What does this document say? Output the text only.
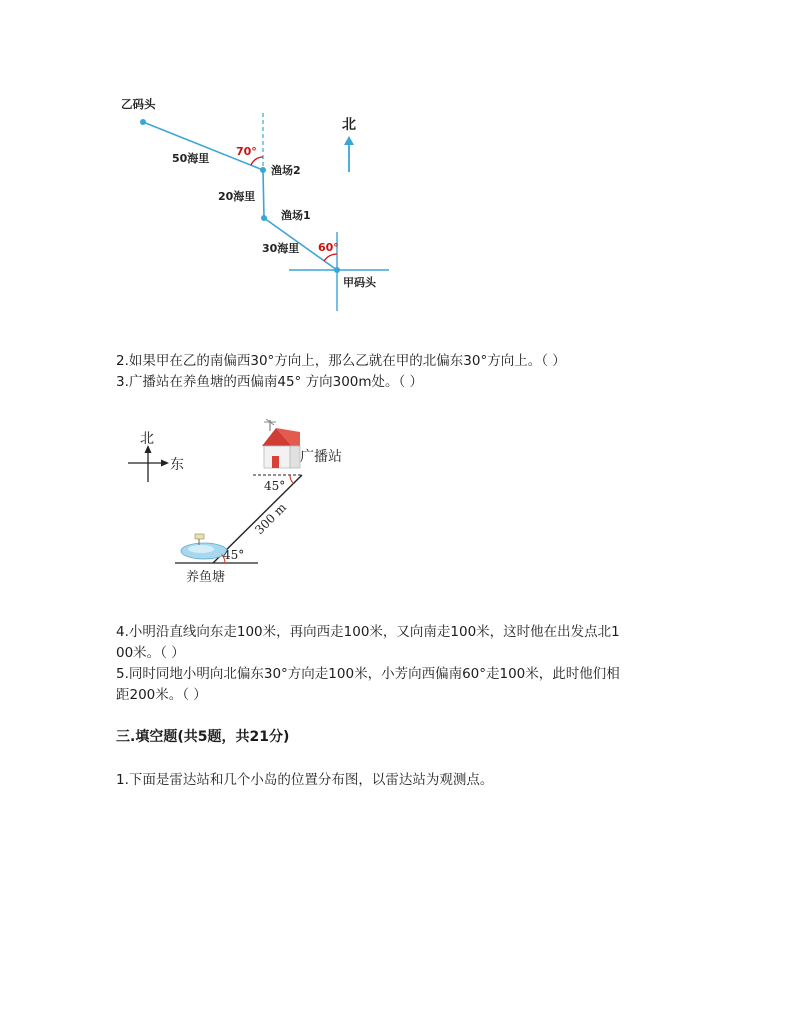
乙码头
北
70°
50海里
渔场2
20海里
渔场1
30海里 60°
甲码头

2.如果甲在乙的南偏西30°方向上，那么乙就在甲的北偏东30°方向上。（ ）

3.广播站在养鱼塘的西偏南45° 方向300m处。（ ）

北
东	广播站
45°
300 m
45°
养鱼塘

4.小明沿直线向东走100米，再向西走100米，又向南走100米，这时他在出发点北1

00米。（ ）

5.同时同地小明向北偏东30°方向走100米，小芳向西偏南60°走100米，此时他们相

距200米。（ ）

三.填空题(共5题，共21分)

1.下面是雷达站和几个小岛的位置分布图，以雷达站为观测点。
